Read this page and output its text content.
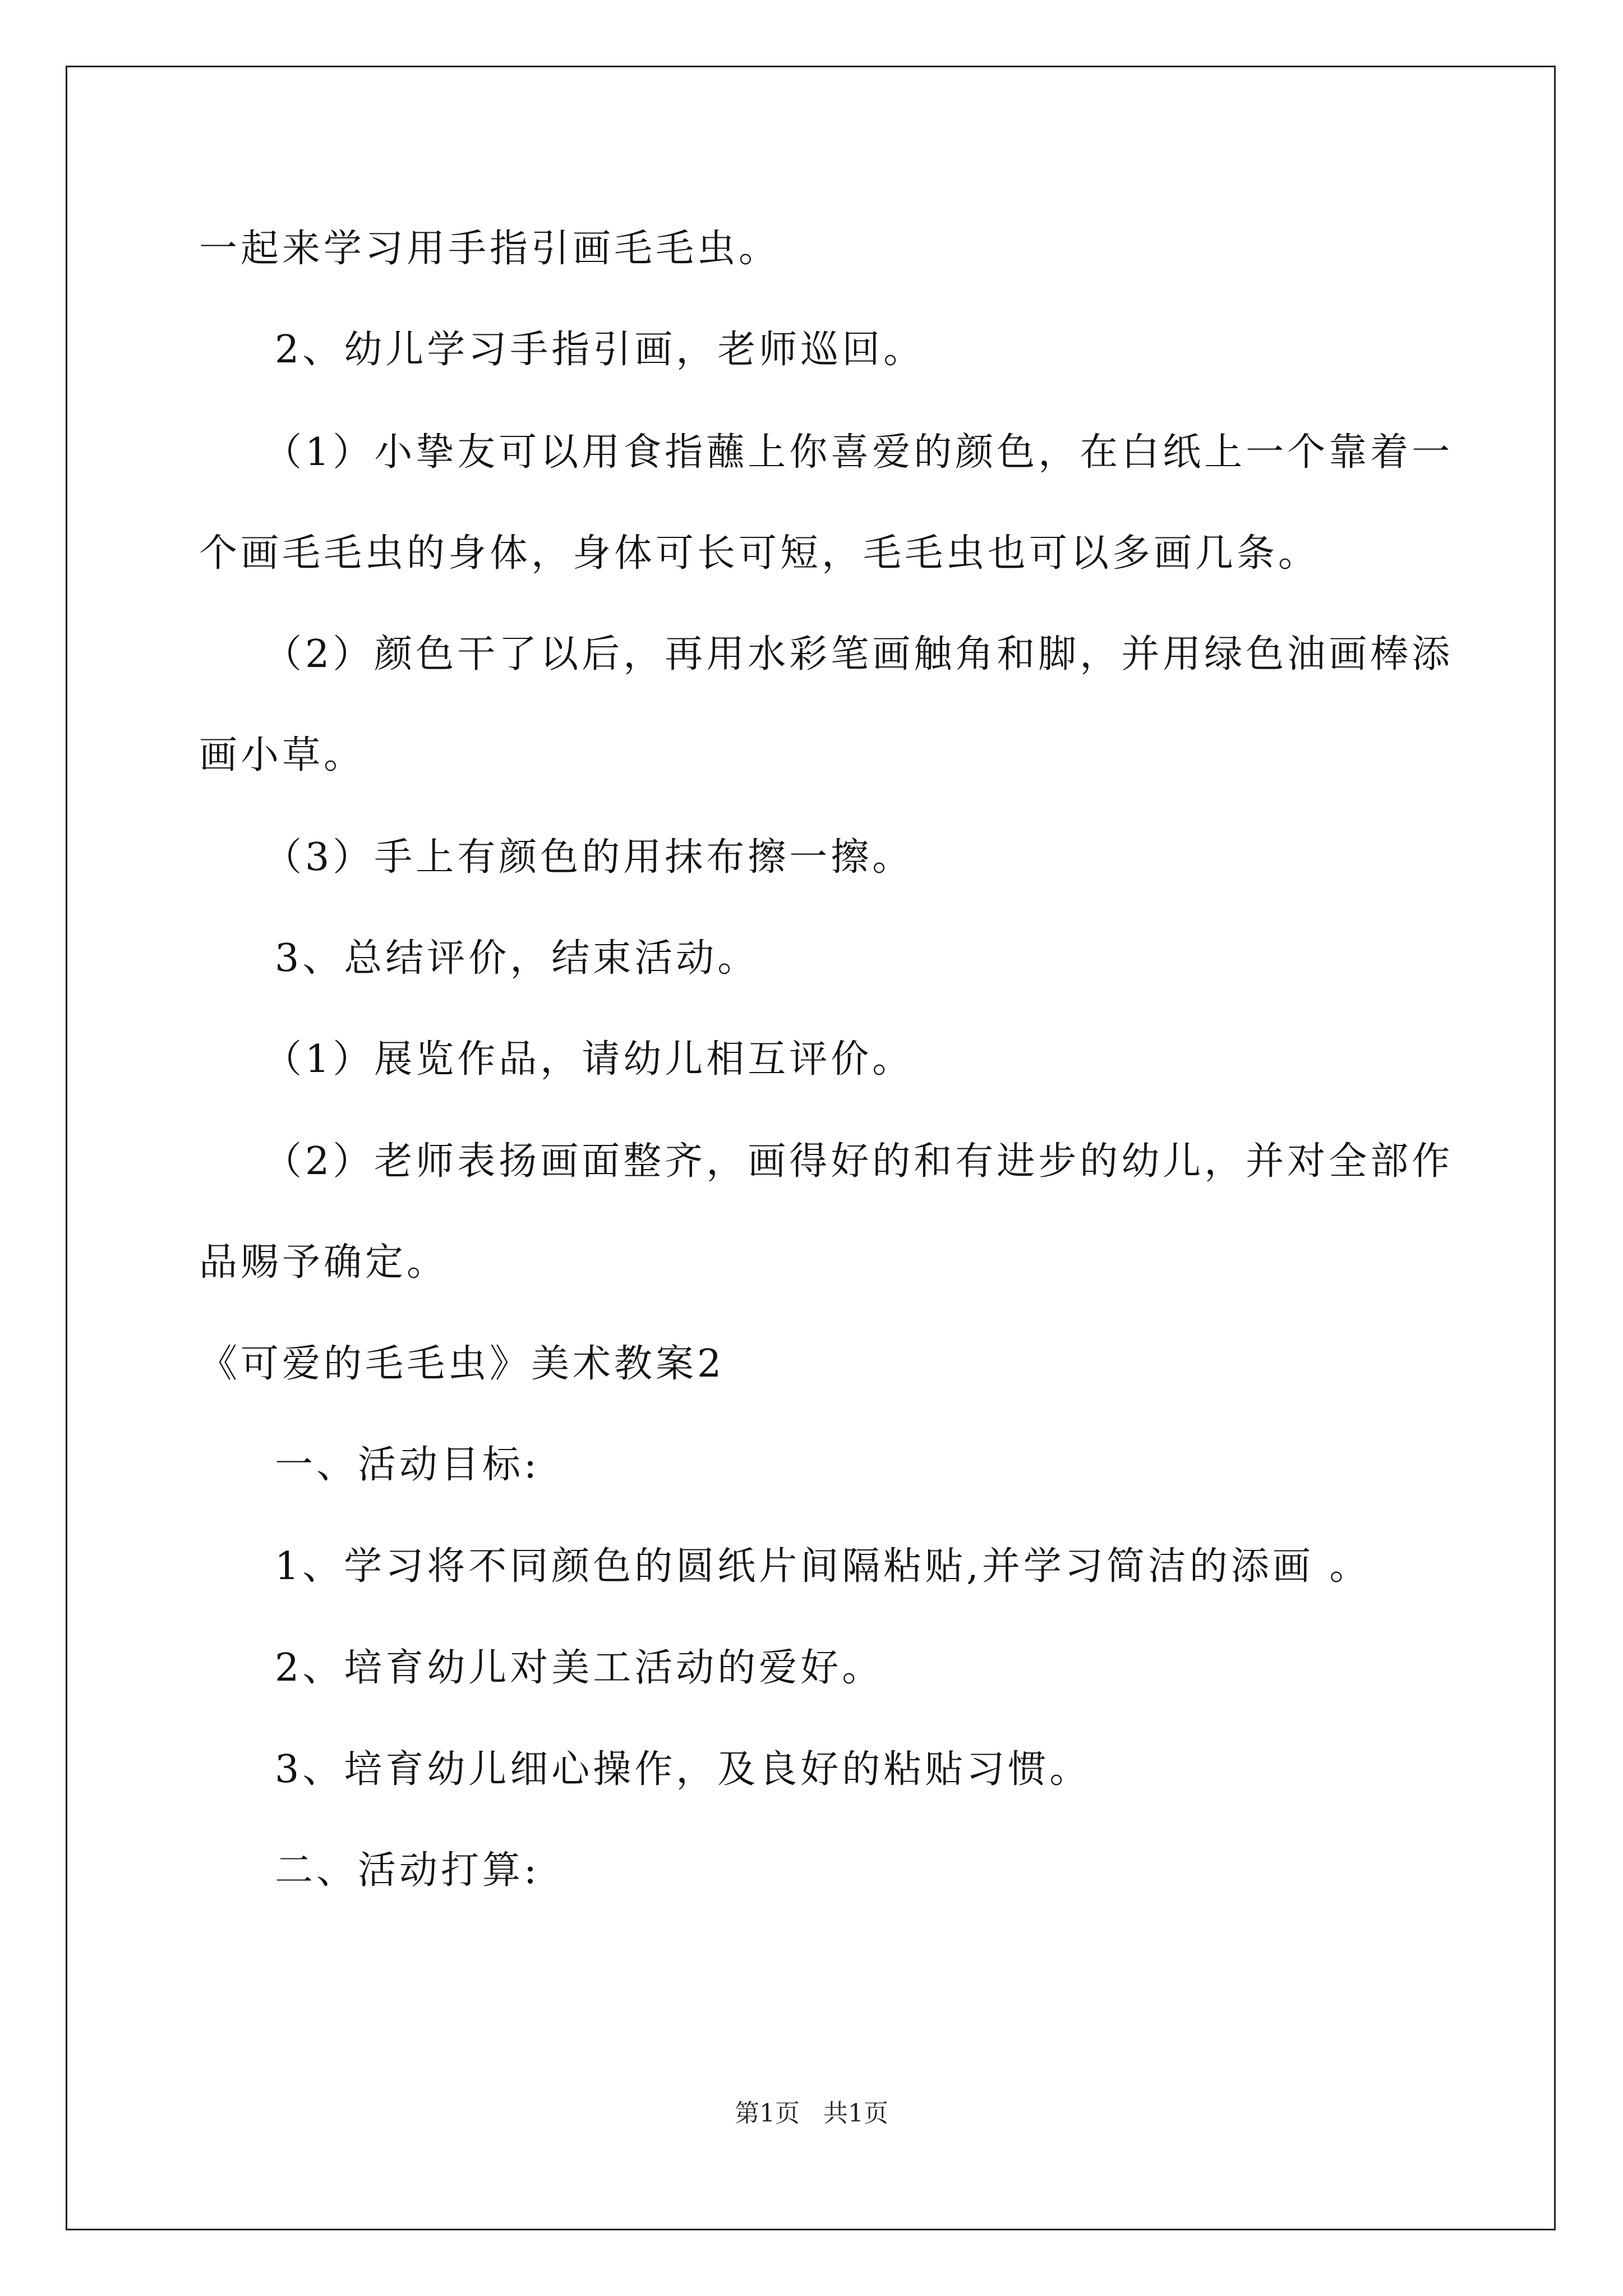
一起来学习用手指引画毛毛虫。
2、幼儿学习手指引画，老师巡回。
（1）小挚友可以用食指蘸上你喜爱的颜色，在白纸上一个靠着一
个画毛毛虫的身体，身体可长可短，毛毛虫也可以多画几条。
（2）颜色干了以后，再用水彩笔画触角和脚，并用绿色油画棒添
画小草。
（3）手上有颜色的用抹布擦一擦。
3、总结评价，结束活动。
（1）展览作品，请幼儿相互评价。
（2）老师表扬画面整齐，画得好的和有进步的幼儿，并对全部作
品赐予确定。
《可爱的毛毛虫》美术教案2
一、活动目标:
1、学习将不同颜色的圆纸片间隔粘贴,并学习简洁的添画 。
2、培育幼儿对美工活动的爱好。
3、培育幼儿细心操作，及良好的粘贴习惯。
二、活动打算:
第1页 共1页
